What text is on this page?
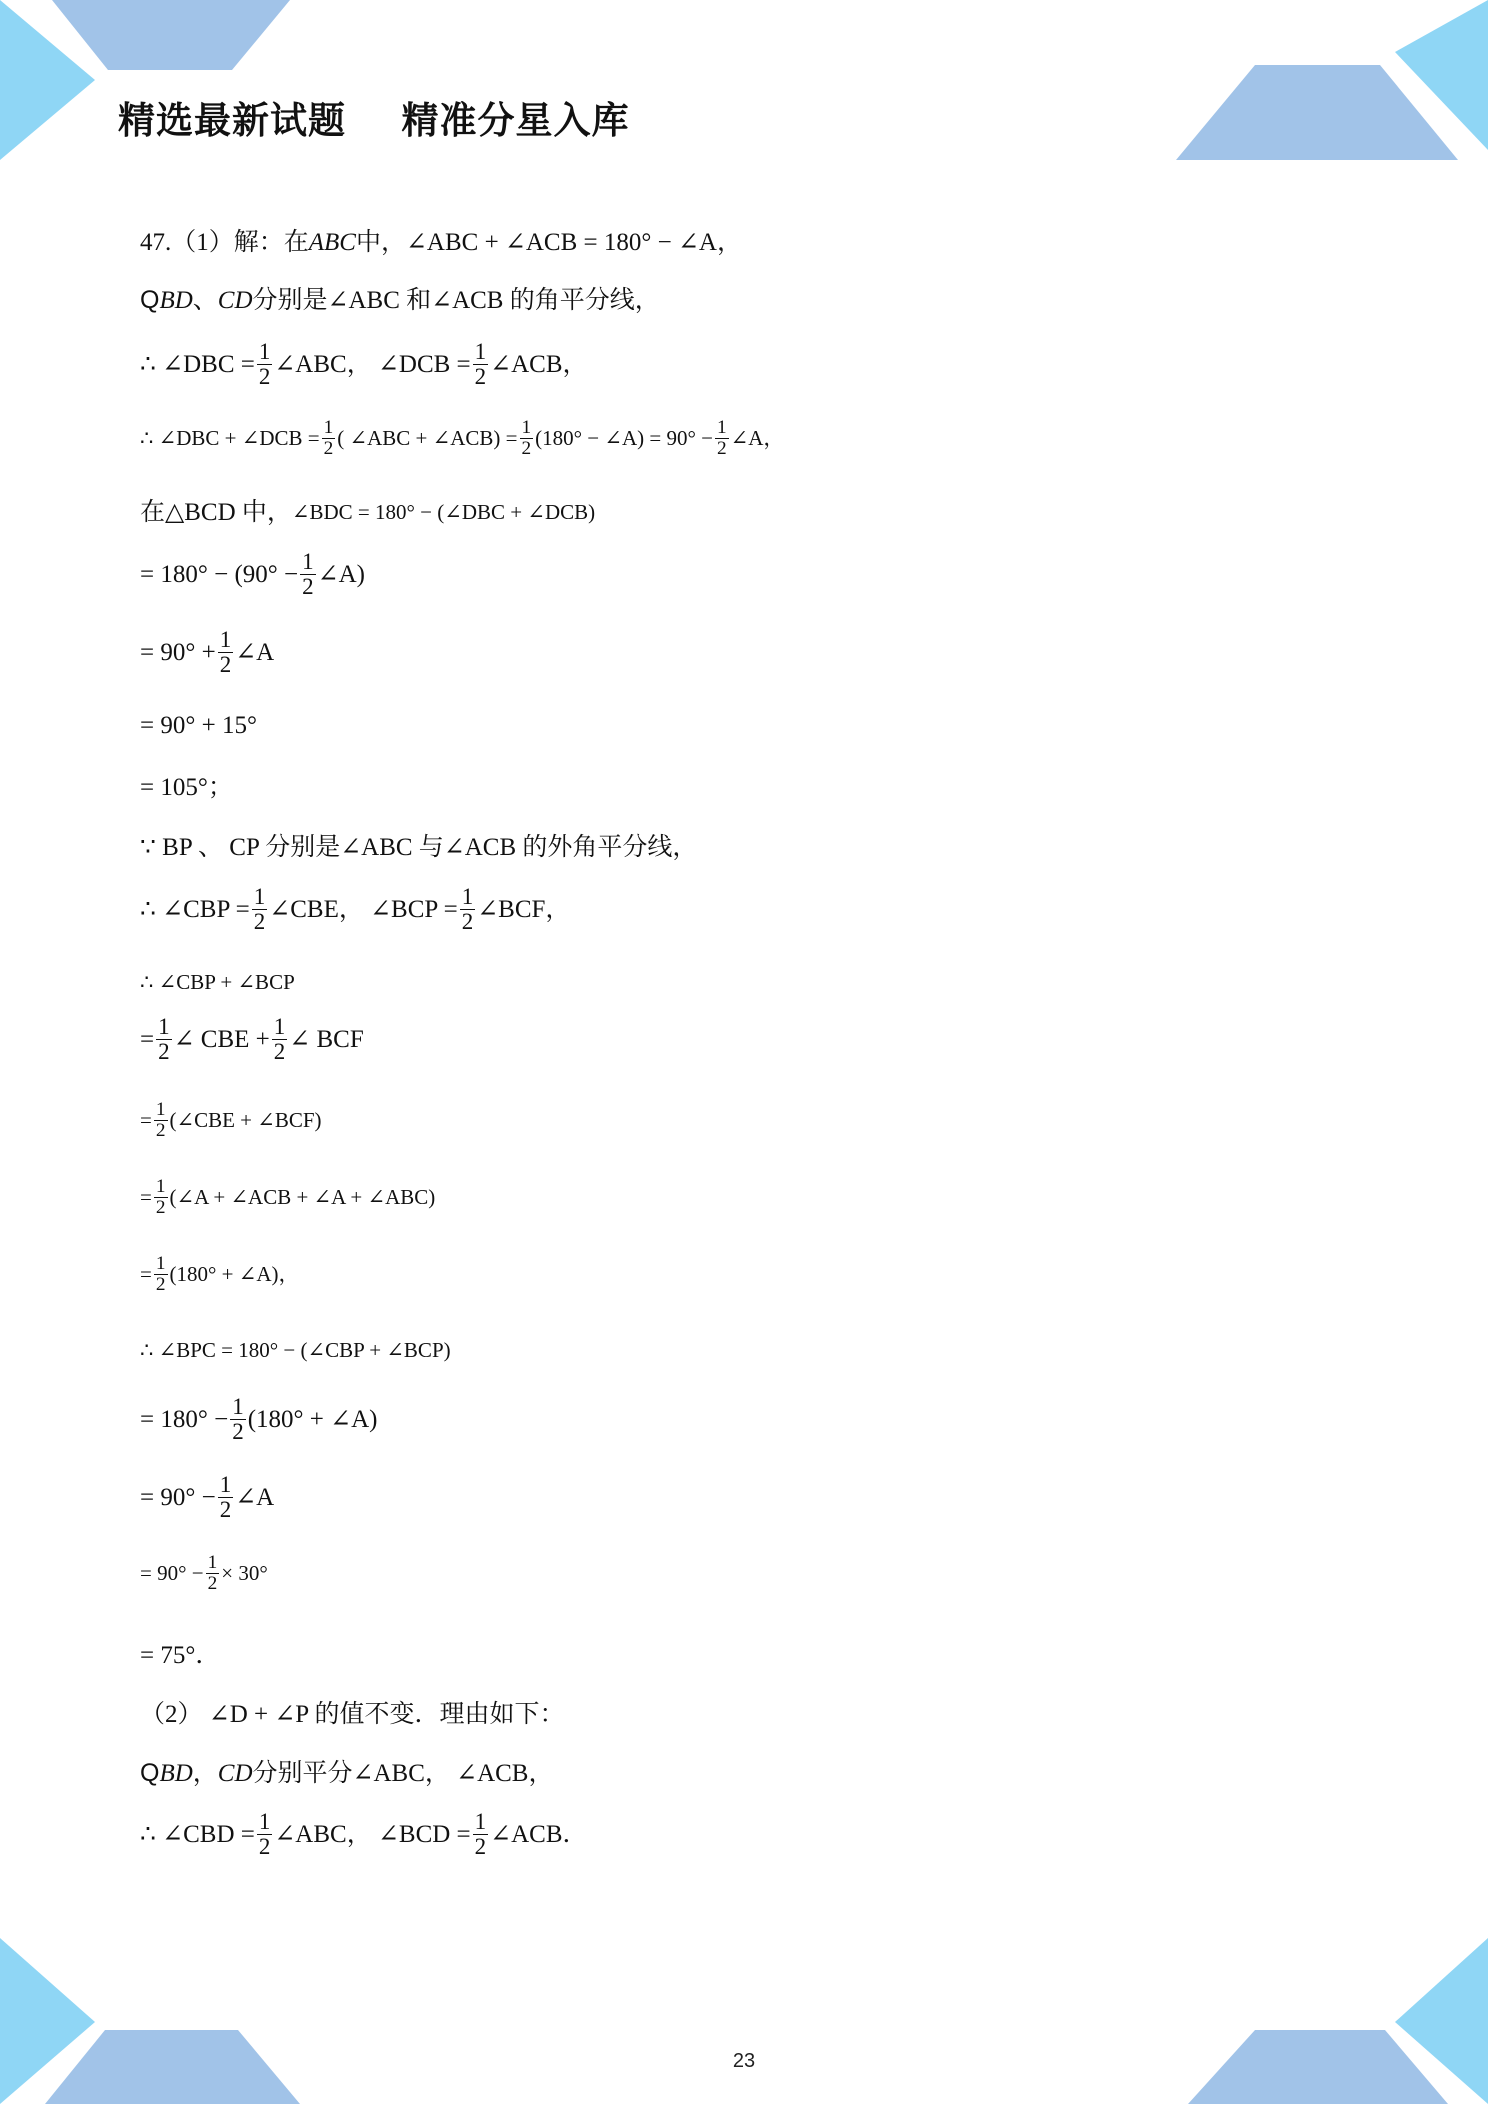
精选最新试题    精准分星入库
47.（1）解：在 ABC 中，∠ABC + ∠ACB = 180° − ∠A，
Q BD 、 CD 分别是∠ABC 和∠ACB 的角平分线，
∴ ∠DBC = $\frac{1}{2}$ ∠ABC， ∠DCB = $\frac{1}{2}$ ∠ACB，
∴ ∠DBC + ∠DCB = $\frac{1}{2}$ ( ∠ABC + ∠ACB) = $\frac{1}{2} (180^\circ$ − ∠A) = $90^\circ - \frac{1}{2}$ ∠A，
在△BCD 中， ∠BDC = 180° − (∠DBC + ∠DCB)
= $180^\circ - (90^\circ - \frac{1}{2}$ ∠A)
= $90^\circ + \frac{1}{2}$ ∠A
= 90° + 15°
= 105°；
∵ BP 、 CP 分别是∠ABC 与∠ACB 的外角平分线，
∴ ∠CBP = $\frac{1}{2}$ ∠CBE， ∠BCP = $\frac{1}{2}$ ∠BCF，
∴ ∠CBP + ∠BCP
= $\frac{1}{2}$ ∠ CBE + $\frac{1}{2}$ ∠ BCF
= $\frac{1}{2}$ (∠CBE + ∠BCF)
= $\frac{1}{2}$ (∠A + ∠ACB + ∠A + ∠ABC)
= $\frac{1}{2} (180^\circ$ + ∠A)，
∴ ∠BPC = 180° − (∠CBP + ∠BCP)
= $180^\circ - \frac{1}{2} (180^\circ$ + ∠A)
= $90^\circ - \frac{1}{2}$ ∠A
= $90^\circ - \frac{1}{2} \times 30^\circ$
= 75°．
（2） ∠D + ∠P 的值不变．理由如下：
Q BD ， CD 分别平分∠ABC， ∠ACB，
∴ ∠CBD = $\frac{1}{2}$ ∠ABC， ∠BCD = $\frac{1}{2}$ ∠ACB．
23
